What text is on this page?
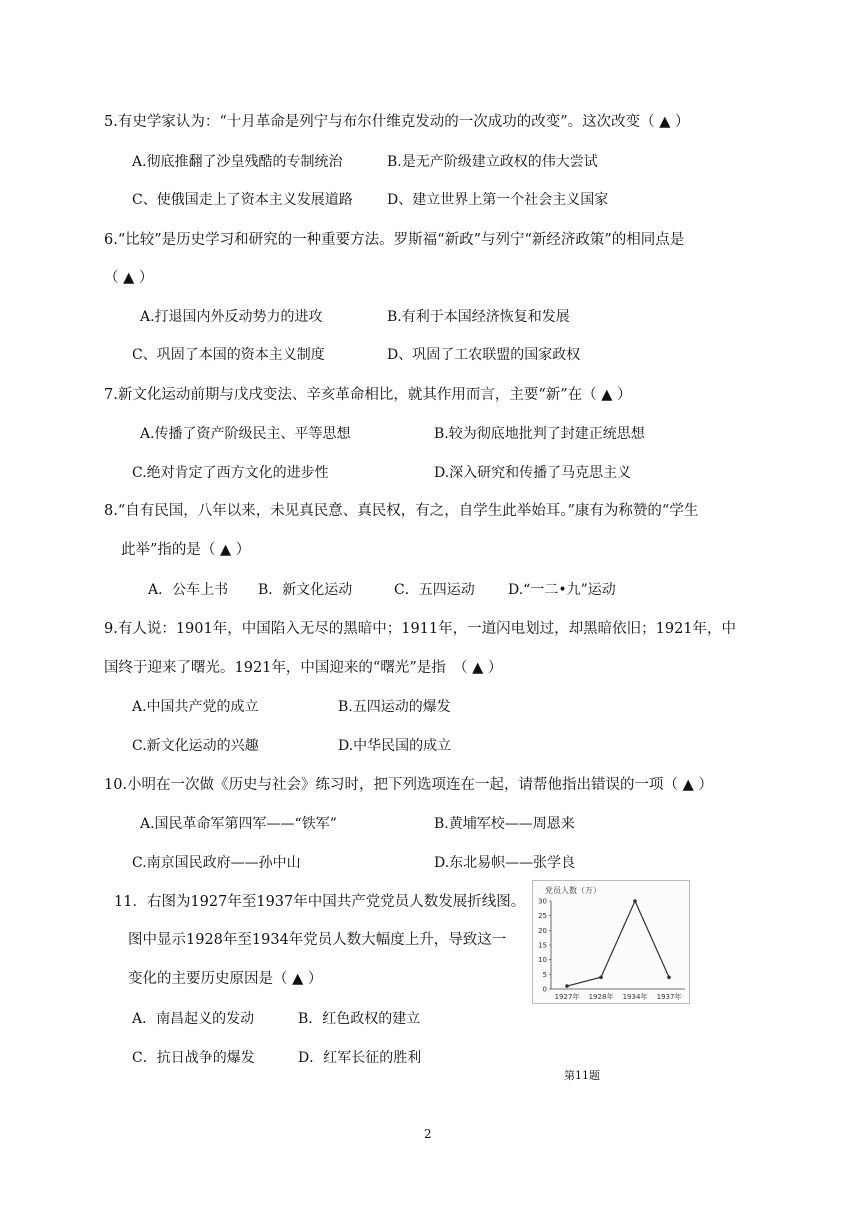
5.有史学家认为：“十月革命是列宁与布尔什维克发动的一次成功的改变”。这次改变（ ▲ ）
A.彻底推翻了沙皇残酷的专制统治	B.是无产阶级建立政权的伟大尝试
C、使俄国走上了资本主义发展道路 D、建立世界上第一个社会主义国家
6.“比较”是历史学习和研究的一种重要方法。罗斯福“新政”与列宁“新经济政策”的相同点是
（ ▲ ）
A.打退国内外反动势力的进攻	B.有利于本国经济恢复和发展
C、巩固了本国的资本主义制度	D、巩固了工农联盟的国家政权
7.新文化运动前期与戊戌变法、辛亥革命相比，就其作用而言，主要“新”在（ ▲ ）
A.传播了资产阶级民主、平等思想	B.较为彻底地批判了封建正统思想
C.绝对肯定了西方文化的进步性	D.深入研究和传播了马克思主义
8.“自有民国，八年以来，未见真民意、真民权，有之，自学生此举始耳。”康有为称赞的“学生
此举”指的是（ ▲ ）
A．公车上书 B．新文化运动	C．五四运动 D.“一二•九”运动
9.有人说：1901年，中国陷入无尽的黑暗中；1911年，一道闪电划过，却黑暗依旧；1921年，中
国终于迎来了曙光。1921年，中国迎来的“曙光”是指　（ ▲ ）
A.中国共产党的成立	B.五四运动的爆发
C.新文化运动的兴趣	D.中华民国的成立
10.小明在一次做《历史与社会》练习时，把下列选项连在一起，请帮他指出错误的一项（ ▲ ）
A.国民革命军第四军——“铁军”	B.黄埔军校——周恩来
C.南京国民政府——孙中山	D.东北易帜——张学良
11．右图为1927年至1937年中国共产党党员人数发展折线图。
图中显示1928年至1934年党员人数大幅度上升，导致这一
变化的主要历史原因是（ ▲ ）
A．南昌起义的发动	B．红色政权的建立
C．抗日战争的爆发	D．红军长征的胜利
党员人数（万）
0
5
10
15
20
25
30
1927年 1928年 1934年 1937年
第11题
2
